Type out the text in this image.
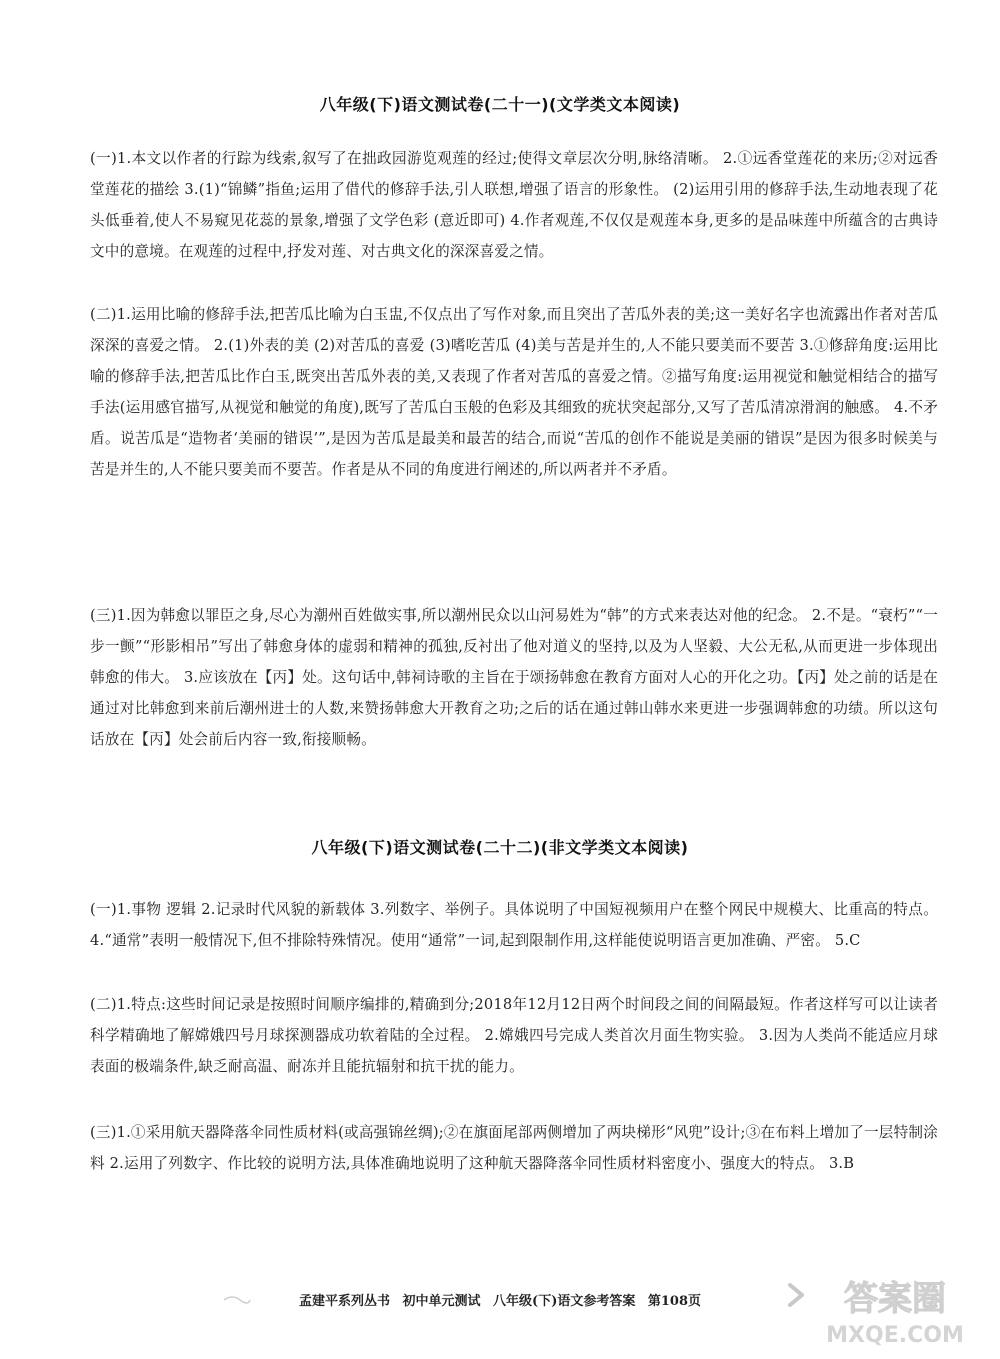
八年级(下)语文测试卷(二十一)(文学类文本阅读)
(一)1.本文以作者的行踪为线索,叙写了在拙政园游览观莲的经过;使得文章层次分明,脉络清晰。 2.①远香堂莲花的来历;②对远香堂莲花的描绘 3.(1)“锦鳞”指鱼;运用了借代的修辞手法,引人联想,增强了语言的形象性。 (2)运用引用的修辞手法,生动地表现了花头低垂着,使人不易窥见花蕊的景象,增强了文学色彩 (意近即可) 4.作者观莲,不仅仅是观莲本身,更多的是品味莲中所蕴含的古典诗文中的意境。在观莲的过程中,抒发对莲、对古典文化的深深喜爱之情。
(二)1.运用比喻的修辞手法,把苦瓜比喻为白玉盅,不仅点出了写作对象,而且突出了苦瓜外表的美;这一美好名字也流露出作者对苦瓜深深的喜爱之情。 2.(1)外表的美 (2)对苦瓜的喜爱 (3)嗜吃苦瓜 (4)美与苦是并生的,人不能只要美而不要苦 3.①修辞角度:运用比喻的修辞手法,把苦瓜比作白玉,既突出苦瓜外表的美,又表现了作者对苦瓜的喜爱之情。②描写角度:运用视觉和触觉相结合的描写手法(运用感官描写,从视觉和触觉的角度),既写了苦瓜白玉般的色彩及其细致的疣状突起部分,又写了苦瓜清凉滑润的触感。 4.不矛盾。说苦瓜是“造物者‘美丽的错误’”,是因为苦瓜是最美和最苦的结合,而说“苦瓜的创作不能说是美丽的错误”是因为很多时候美与苦是并生的,人不能只要美而不要苦。作者是从不同的角度进行阐述的,所以两者并不矛盾。
(三)1.因为韩愈以罪臣之身,尽心为潮州百姓做实事,所以潮州民众以山河易姓为“韩”的方式来表达对他的纪念。 2.不是。“衰朽”“一步一颤”“形影相吊”写出了韩愈身体的虚弱和精神的孤独,反衬出了他对道义的坚持,以及为人坚毅、大公无私,从而更进一步体现出韩愈的伟大。 3.应该放在【丙】处。这句话中,韩祠诗歌的主旨在于颂扬韩愈在教育方面对人心的开化之功。【丙】处之前的话是在通过对比韩愈到来前后潮州进士的人数,来赞扬韩愈大开教育之功;之后的话在通过韩山韩水来更进一步强调韩愈的功绩。所以这句话放在【丙】处会前后内容一致,衔接顺畅。
八年级(下)语文测试卷(二十二)(非文学类文本阅读)
(一)1.事物 逻辑 2.记录时代风貌的新载体 3.列数字、举例子。具体说明了中国短视频用户在整个网民中规模大、比重高的特点。 4.“通常”表明一般情况下,但不排除特殊情况。使用“通常”一词,起到限制作用,这样能使说明语言更加准确、严密。 5.C
(二)1.特点:这些时间记录是按照时间顺序编排的,精确到分;2018年12月12日两个时间段之间的间隔最短。作者这样写可以让读者科学精确地了解嫦娥四号月球探测器成功软着陆的全过程。 2.嫦娥四号完成人类首次月面生物实验。 3.因为人类尚不能适应月球表面的极端条件,缺乏耐高温、耐冻并且能抗辐射和抗干扰的能力。
(三)1.①采用航天器降落伞同性质材料(或高强锦丝绸);②在旗面尾部两侧增加了两块梯形“风兜”设计;③在布料上增加了一层特制涂料 2.运用了列数字、作比较的说明方法,具体准确地说明了这种航天器降落伞同性质材料密度小、强度大的特点。 3.B
孟建平系列丛书 初中单元测试 八年级(下)语文参考答案 第108页	答案圈
MXQE.COM
